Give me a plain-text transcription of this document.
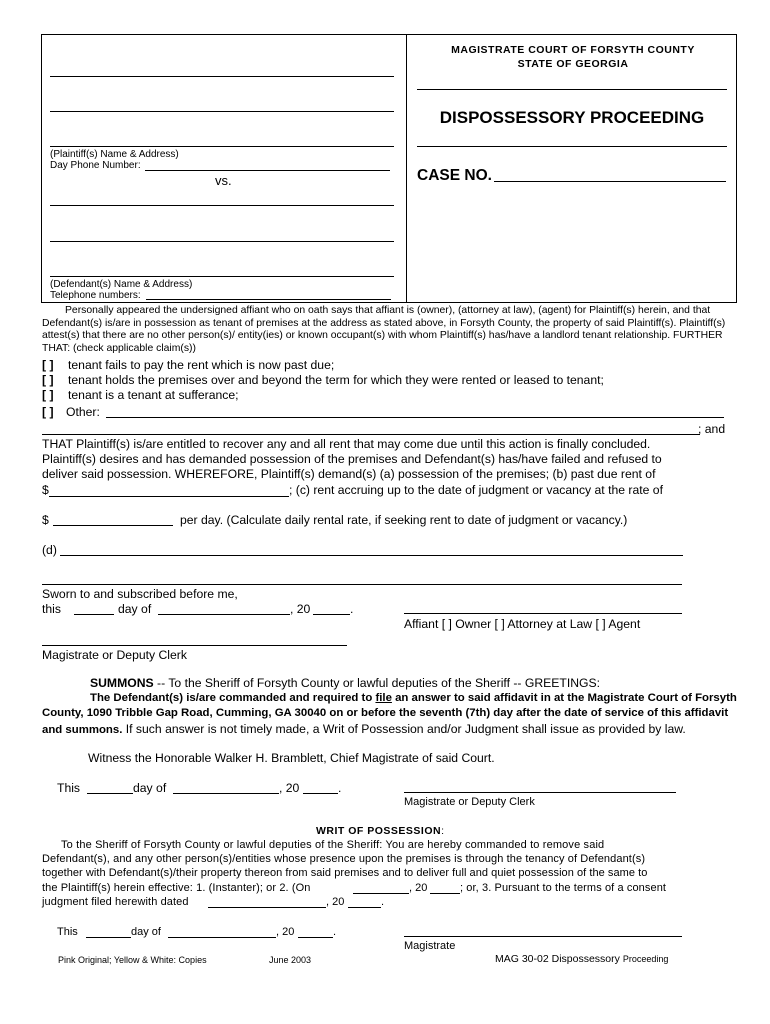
(Plaintiff(s) Name & Address)
Day Phone Number:
vs.
(Defendant(s) Name & Address)
Telephone numbers:
MAGISTRATE COURT OF FORSYTH COUNTY
STATE OF GEORGIA
DISPOSSESSORY PROCEEDING
CASE NO.
Personally appeared the undersigned affiant who on oath says that affiant is (owner), (attorney at law), (agent) for Plaintiff(s) herein, and that Defendant(s) is/are in possession as tenant of premises at the address as stated above, in Forsyth County, the property of said Plaintiff(s). Plaintiff(s) attest(s) that there are no other person(s)/ entity(ies) or known occupant(s) with whom Plaintiff(s) has/have a landlord tenant relationship. FURTHER THAT: (check applicable claim(s))
[ ] tenant fails to pay the rent which is now past due;
[ ] tenant holds the premises over and beyond the term for which they were rented or leased to tenant;
[ ] tenant is a tenant at sufferance;
[ ] Other:
; and
THAT Plaintiff(s) is/are entitled to recover any and all rent that may come due until this action is finally concluded.
Plaintiff(s) desires and has demanded possession of the premises and Defendant(s) has/have failed and refused to
deliver said possession. WHEREFORE, Plaintiff(s) demand(s) (a) possession of the premises; (b) past due rent of
$	; (c) rent accruing up to the date of judgment or vacancy at the rate of
$	per day. (Calculate daily rental rate, if seeking rent to date of judgment or vacancy.)
(d)
Sworn to and subscribed before me,
this	day of	, 20	.
Affiant [ ] Owner [ ] Attorney at Law [ ] Agent
Magistrate or Deputy Clerk
SUMMONS -- To the Sheriff of Forsyth County or lawful deputies of the Sheriff -- GREETINGS:
The Defendant(s) is/are commanded and required to file an answer to said affidavit in at the Magistrate Court of Forsyth County, 1090 Tribble Gap Road, Cumming, GA 30040 on or before the seventh (7th) day after the date of service of this affidavit and summons. If such answer is not timely made, a Writ of Possession and/or Judgment shall issue as provided by law.
Witness the Honorable Walker H. Bramblett, Chief Magistrate of said Court.
This	day of	, 20	.
Magistrate or Deputy Clerk
WRIT OF POSSESSION:
To the Sheriff of Forsyth County or lawful deputies of the Sheriff: You are hereby commanded to remove said
Defendant(s), and any other person(s)/entities whose presence upon the premises is through the tenancy of Defendant(s)
together with Defendant(s)/their property thereon from said premises and to deliver full and quiet possession of the same to
the Plaintiff(s) herein effective: 1. (Instanter); or 2. (On	, 20	; or, 3. Pursuant to the terms of a consent
judgment filed herewith dated	, 20	.
This	day of	, 20	.
Magistrate
Pink Original; Yellow & White: Copies	June 2003	MAG 30-02 Dispossessory Proceeding
